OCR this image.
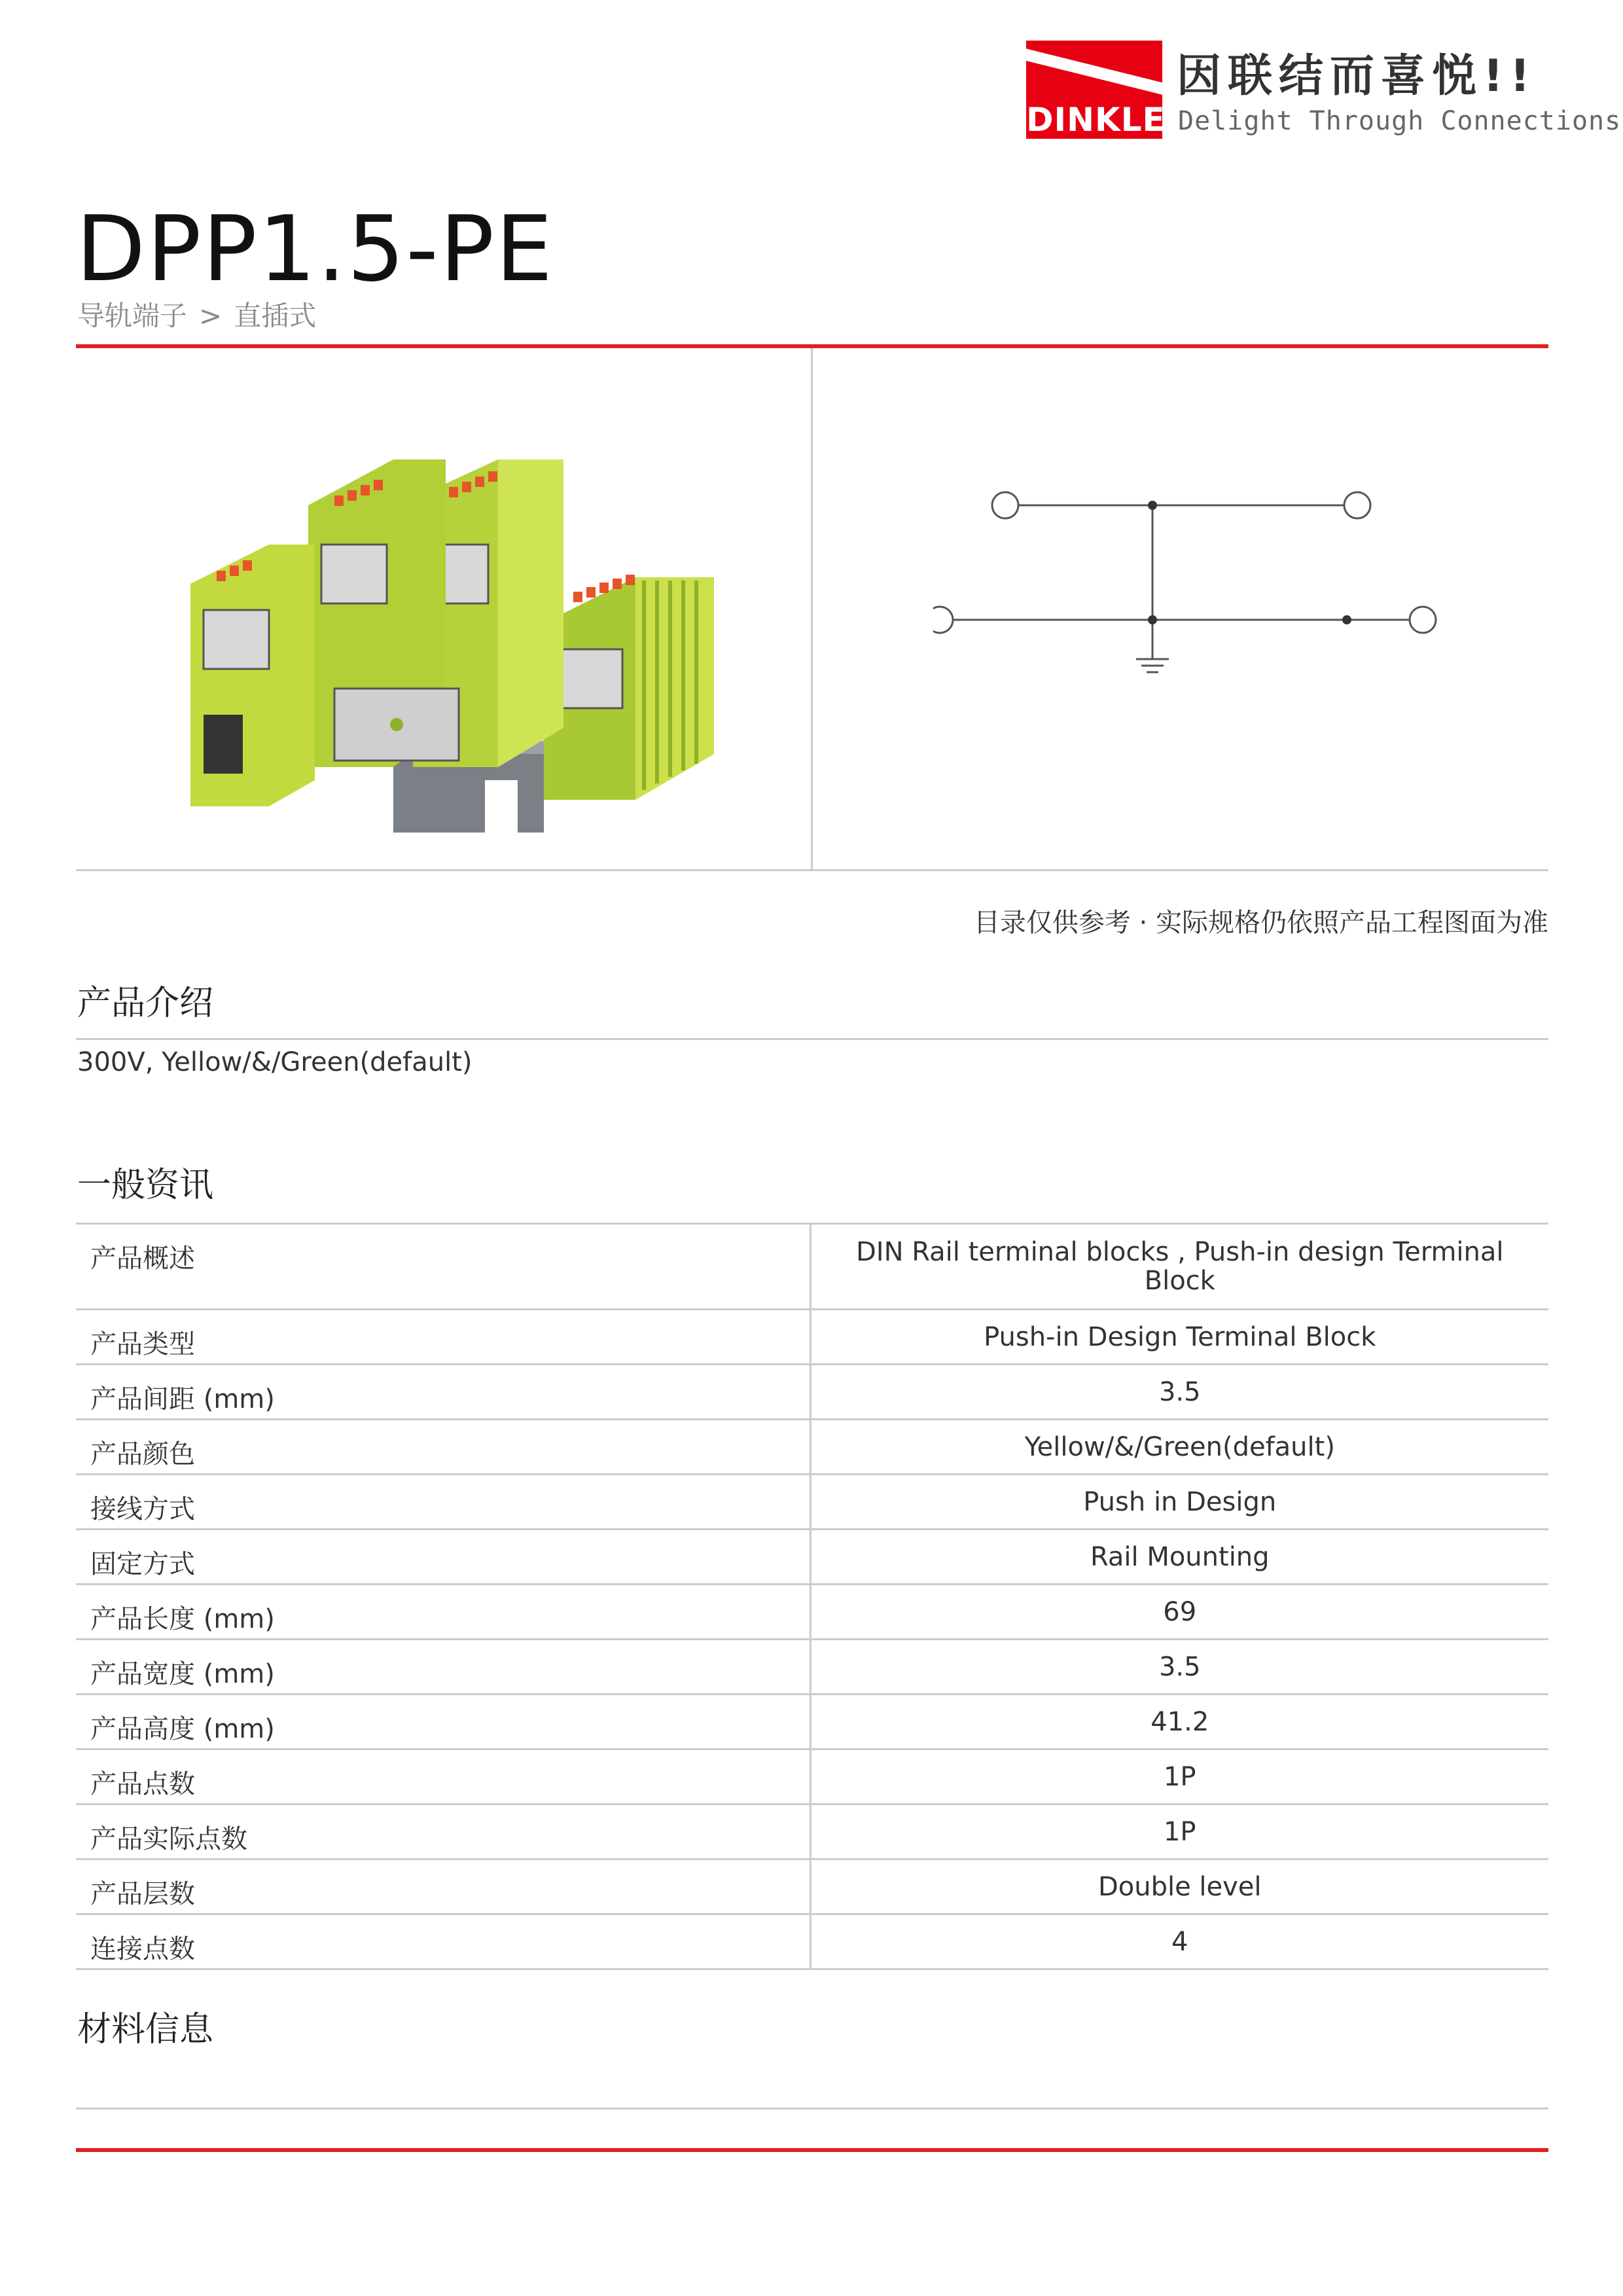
DINKLE
因联结而喜悦!!
Delight Through Connections
DPP1.5-PE
导轨端子 > 直插式
目录仅供参考 · 实际规格仍依照产品工程图面为准
产品介绍
300V, Yellow/&/Green(default)
一般资讯
产品概述	DIN Rail terminal blocks , Push-in design Terminal Block
产品类型	Push-in Design Terminal Block
产品间距 (mm)	3.5
产品颜色	Yellow/&/Green(default)
接线方式	Push in Design
固定方式	Rail Mounting
产品长度 (mm)	69
产品宽度 (mm)	3.5
产品高度 (mm)	41.2
产品点数	1P
产品实际点数	1P
产品层数	Double level
连接点数	4
材料信息
